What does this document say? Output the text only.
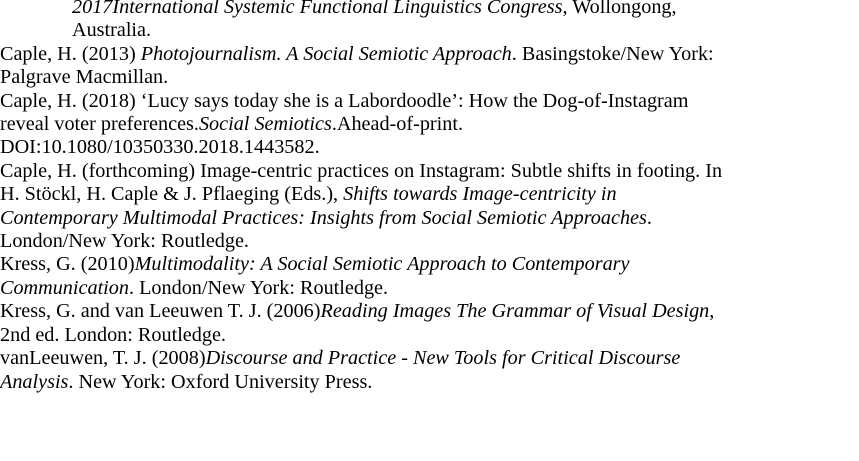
2017International Systemic Functional Linguistics Congress, Wollongong,
Australia.

Caple, H. (2013) Photojournalism. A Social Semiotic Approach. Basingstoke/New York:
Palgrave Macmillan.

Caple, H. (2018) ‘Lucy says today she is a Labordoodle’: How the Dog-of-Instagram
reveal voter preferences.Social Semiotics.Ahead-of-print.
DOI:10.1080/10350330.2018.1443582.

Caple, H. (forthcoming) Image-centric practices on Instagram: Subtle shifts in footing. In
H. Stöckl, H. Caple & J. Pflaeging (Eds.), Shifts towards Image-centricity in
Contemporary Multimodal Practices: Insights from Social Semiotic Approaches.
London/New York: Routledge.

Kress, G. (2010)Multimodality: A Social Semiotic Approach to Contemporary
Communication. London/New York: Routledge.

Kress, G. and van Leeuwen T. J. (2006)Reading Images The Grammar of Visual Design,
2nd ed. London: Routledge.

vanLeeuwen, T. J. (2008)Discourse and Practice - New Tools for Critical Discourse
Analysis. New York: Oxford University Press.
